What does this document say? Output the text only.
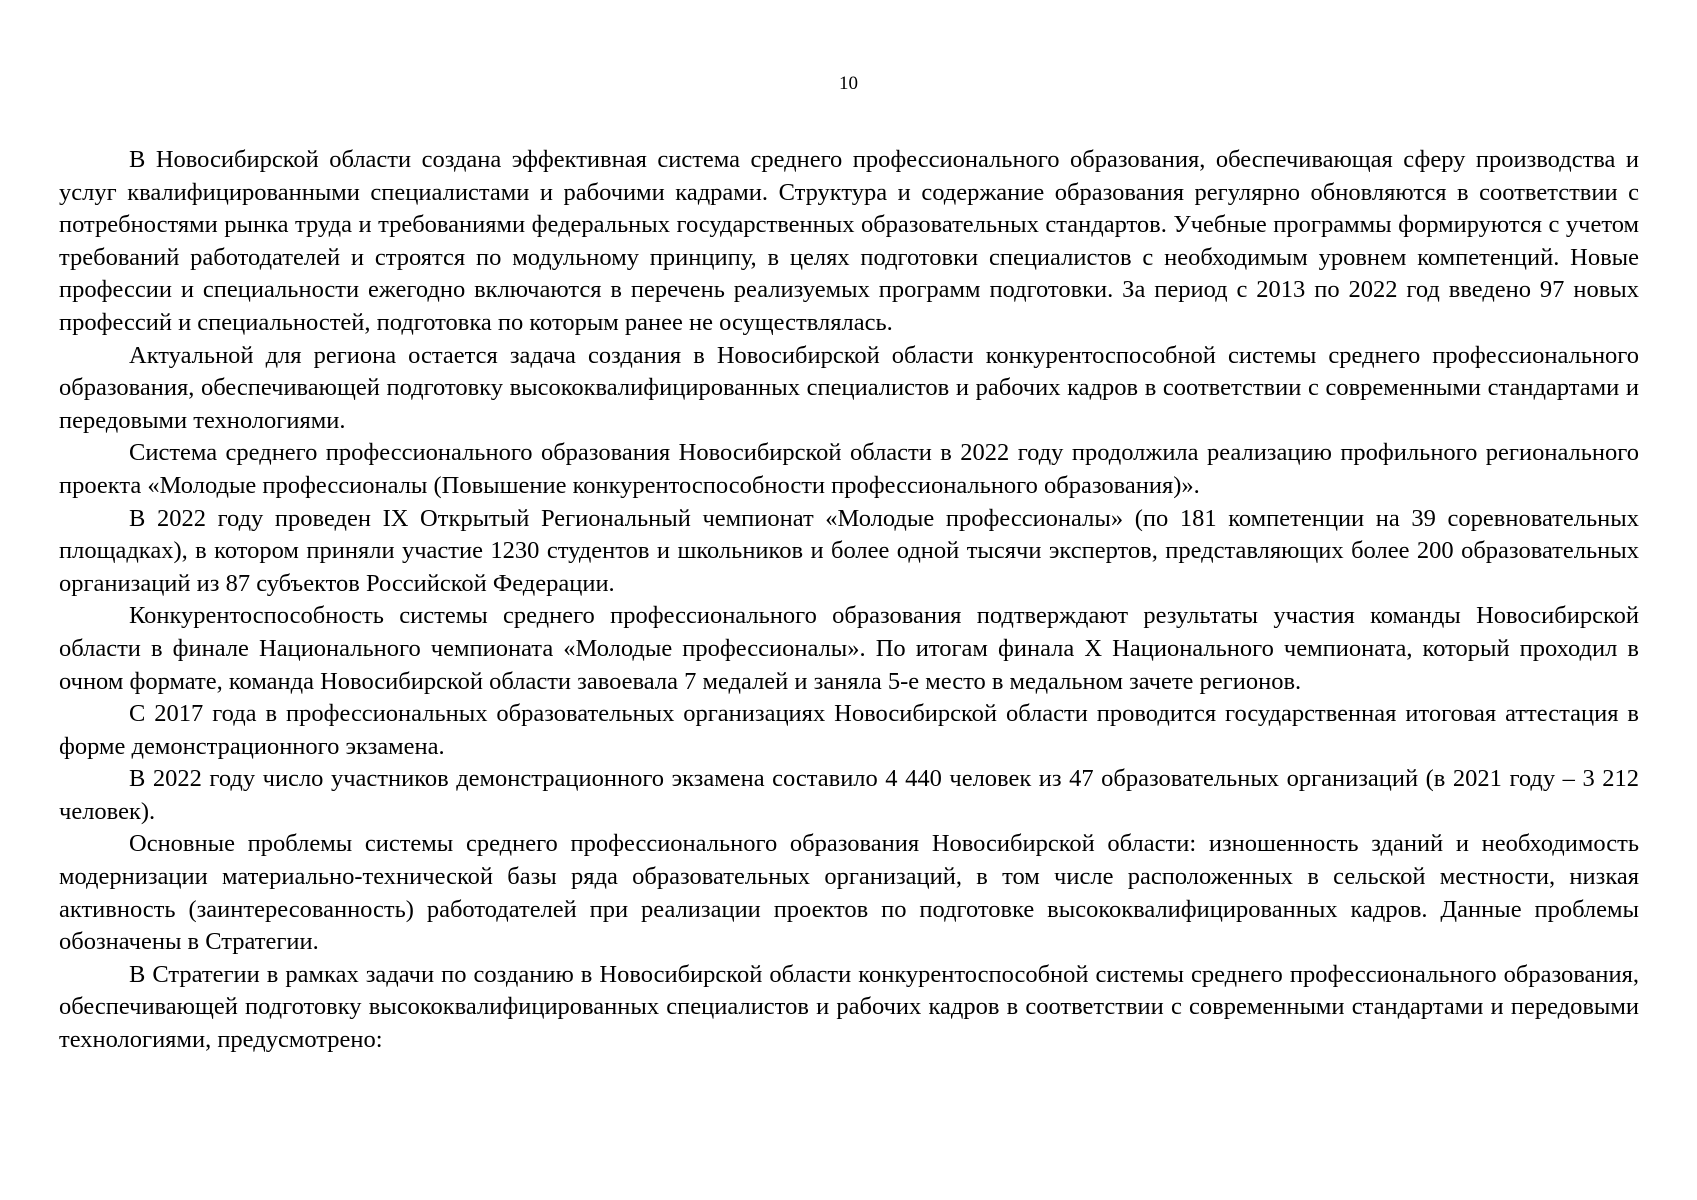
10

В Новосибирской области создана эффективная система среднего профессионального образования, обеспечивающая сферу производства и услуг квалифицированными специалистами и рабочими кадрами. Структура и содержание образования регулярно обновляются в соответствии с потребностями рынка труда и требованиями федеральных государственных образовательных стандартов. Учебные программы формируются с учетом требований работодателей и строятся по модульному принципу, в целях подготовки специалистов с необходимым уровнем компетенций. Новые профессии и специальности ежегодно включаются в перечень реализуемых программ подготовки. За период с 2013 по 2022 год введено 97 новых профессий и специальностей, подготовка по которым ранее не осуществлялась.

Актуальной для региона остается задача создания в Новосибирской области конкурентоспособной системы среднего профессионального образования, обеспечивающей подготовку высококвалифицированных специалистов и рабочих кадров в соответствии с современными стандартами и передовыми технологиями.

Система среднего профессионального образования Новосибирской области в 2022 году продолжила реализацию профильного регионального проекта «Молодые профессионалы (Повышение конкурентоспособности профессионального образования)».

В 2022 году проведен IX Открытый Региональный чемпионат «Молодые профессионалы» (по 181 компетенции на 39 соревновательных площадках), в котором приняли участие 1230 студентов и школьников и более одной тысячи экспертов, представляющих более 200 образовательных организаций из 87 субъектов Российской Федерации.

Конкурентоспособность системы среднего профессионального образования подтверждают результаты участия команды Новосибирской области в финале Национального чемпионата «Молодые профессионалы». По итогам финала X Национального чемпионата, который проходил в очном формате, команда Новосибирской области завоевала 7 медалей и заняла 5-е место в медальном зачете регионов.

С 2017 года в профессиональных образовательных организациях Новосибирской области проводится государственная итоговая аттестация в форме демонстрационного экзамена.

В 2022 году число участников демонстрационного экзамена составило 4 440 человек из 47 образовательных организаций (в 2021 году – 3 212 человек).

Основные проблемы системы среднего профессионального образования Новосибирской области: изношенность зданий и необходимость модернизации материально-технической базы ряда образовательных организаций, в том числе расположенных в сельской местности, низкая активность (заинтересованность) работодателей при реализации проектов по подготовке высококвалифицированных кадров. Данные проблемы обозначены в Стратегии.

В Стратегии в рамках задачи по созданию в Новосибирской области конкурентоспособной системы среднего профессионального образования, обеспечивающей подготовку высококвалифицированных специалистов и рабочих кадров в соответствии с современными стандартами и передовыми технологиями, предусмотрено:
